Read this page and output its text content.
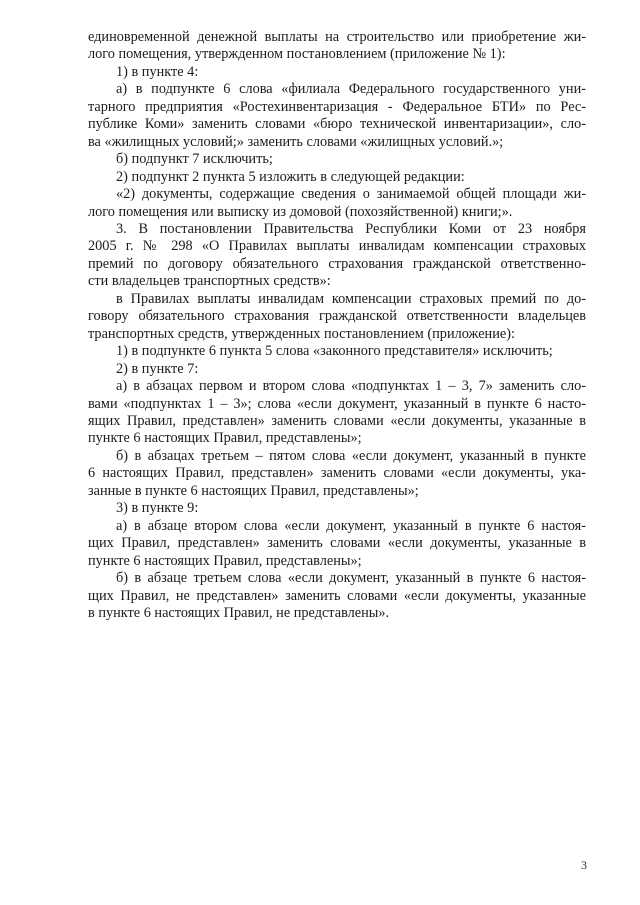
единовременной денежной выплаты на строительство или приобретение жи-
лого помещения, утвержденном постановлением (приложение № 1):
1) в пункте 4:
а) в подпункте 6 слова «филиала Федерального государственного уни-
тарного предприятия «Ростехинвентаризация - Федеральное БТИ» по Рес-
публике Коми» заменить словами «бюро технической инвентаризации», сло-
ва «жилищных условий;» заменить словами «жилищных условий.»;
б) подпункт 7 исключить;
2) подпункт 2 пункта 5 изложить в следующей редакции:
«2) документы, содержащие сведения о занимаемой общей площади жи-
лого помещения или выписку из домовой (похозяйственной) книги;».
3. В постановлении Правительства Республики Коми от 23 ноября
2005 г. № 298 «О Правилах выплаты инвалидам компенсации страховых
премий по договору обязательного страхования гражданской ответственно-
сти владельцев транспортных средств»:
в Правилах выплаты инвалидам компенсации страховых премий по до-
говору обязательного страхования гражданской ответственности владельцев
транспортных средств, утвержденных постановлением (приложение):
1) в подпункте 6 пункта 5 слова «законного представителя» исключить;
2) в пункте 7:
а) в абзацах первом и втором слова «подпунктах 1 – 3, 7» заменить сло-
вами «подпунктах 1 – 3»; слова «если документ, указанный в пункте 6 насто-
ящих Правил, представлен» заменить словами «если документы, указанные в
пункте 6 настоящих Правил, представлены»;
б) в абзацах третьем – пятом слова «если документ, указанный в пункте
6 настоящих Правил, представлен» заменить словами «если документы, ука-
занные в пункте 6 настоящих Правил, представлены»;
3) в пункте 9:
а) в абзаце втором слова «если документ, указанный в пункте 6 настоя-
щих Правил, представлен» заменить словами «если документы, указанные в
пункте 6 настоящих Правил, представлены»;
б) в абзаце третьем слова «если документ, указанный в пункте 6 настоя-
щих Правил, не представлен» заменить словами «если документы, указанные
в пункте 6 настоящих Правил, не представлены».
3
